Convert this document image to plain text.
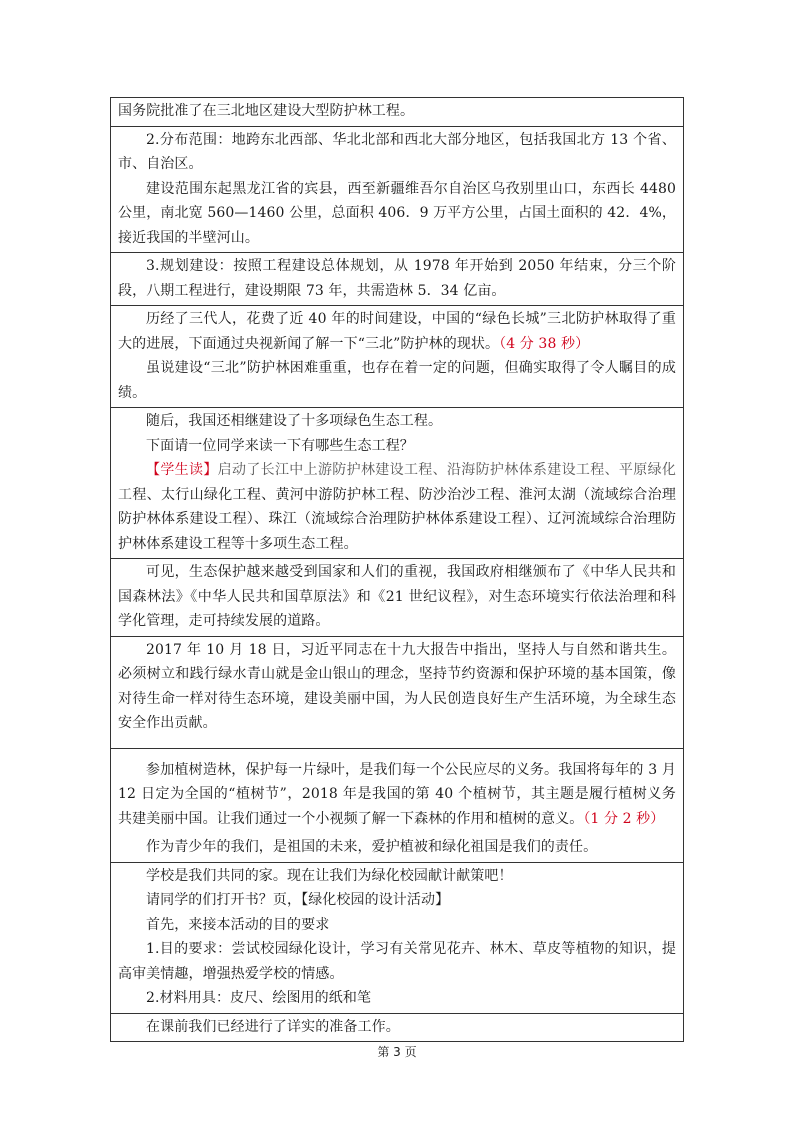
国务院批准了在三北地区建设大型防护林工程。

2.分布范围：地跨东北西部、华北北部和西北大部分地区，包括我国北方 13 个省、市、自治区。

建设范围东起黑龙江省的宾县，西至新疆维吾尔自治区乌孜别里山口，东西长 4480 公里，南北宽 560—1460 公里，总面积 406．9 万平方公里，占国土面积的 42．4%，接近我国的半壁河山。

3.规划建设：按照工程建设总体规划，从 1978 年开始到 2050 年结束，分三个阶段，八期工程进行，建设期限 73 年，共需造林 5．34 亿亩。

历经了三代人，花费了近 40 年的时间建设，中国的“绿色长城”三北防护林取得了重大的进展，下面通过央视新闻了解一下“三北”防护林的现状。（4 分 38 秒）

虽说建设“三北”防护林困难重重，也存在着一定的问题，但确实取得了令人瞩目的成绩。

随后，我国还相继建设了十多项绿色生态工程。

下面请一位同学来读一下有哪些生态工程？

【学生读】启动了长江中上游防护林建设工程、沿海防护林体系建设工程、平原绿化工程、太行山绿化工程、黄河中游防护林工程、防沙治沙工程、淮河太湖（流域综合治理防护林体系建设工程）、珠江（流域综合治理防护林体系建设工程）、辽河流域综合治理防护林体系建设工程等十多项生态工程。

可见，生态保护越来越受到国家和人们的重视，我国政府相继颁布了《中华人民共和国森林法》《中华人民共和国草原法》和《21 世纪议程》，对生态环境实行依法治理和科学化管理，走可持续发展的道路。

2017 年 10 月 18 日，习近平同志在十九大报告中指出，坚持人与自然和谐共生。必须树立和践行绿水青山就是金山银山的理念，坚持节约资源和保护环境的基本国策，像对待生命一样对待生态环境，建设美丽中国，为人民创造良好生产生活环境，为全球生态安全作出贡献。

参加植树造林，保护每一片绿叶，是我们每一个公民应尽的义务。我国将每年的 3 月 12 日定为全国的“植树节”，2018 年是我国的第 40 个植树节，其主题是履行植树义务 共建美丽中国。让我们通过一个小视频了解一下森林的作用和植树的意义。（1 分 2 秒）

作为青少年的我们，是祖国的未来，爱护植被和绿化祖国是我们的责任。

学校是我们共同的家。现在让我们为绿化校园献计献策吧！

请同学的们打开书？页，【绿化校园的设计活动】

首先，来接本活动的目的要求

1.目的要求：尝试校园绿化设计，学习有关常见花卉、林木、草皮等植物的知识，提高审美情趣，增强热爱学校的情感。

2.材料用具：皮尺、绘图用的纸和笔

在课前我们已经进行了详实的准备工作。

第 3 页
